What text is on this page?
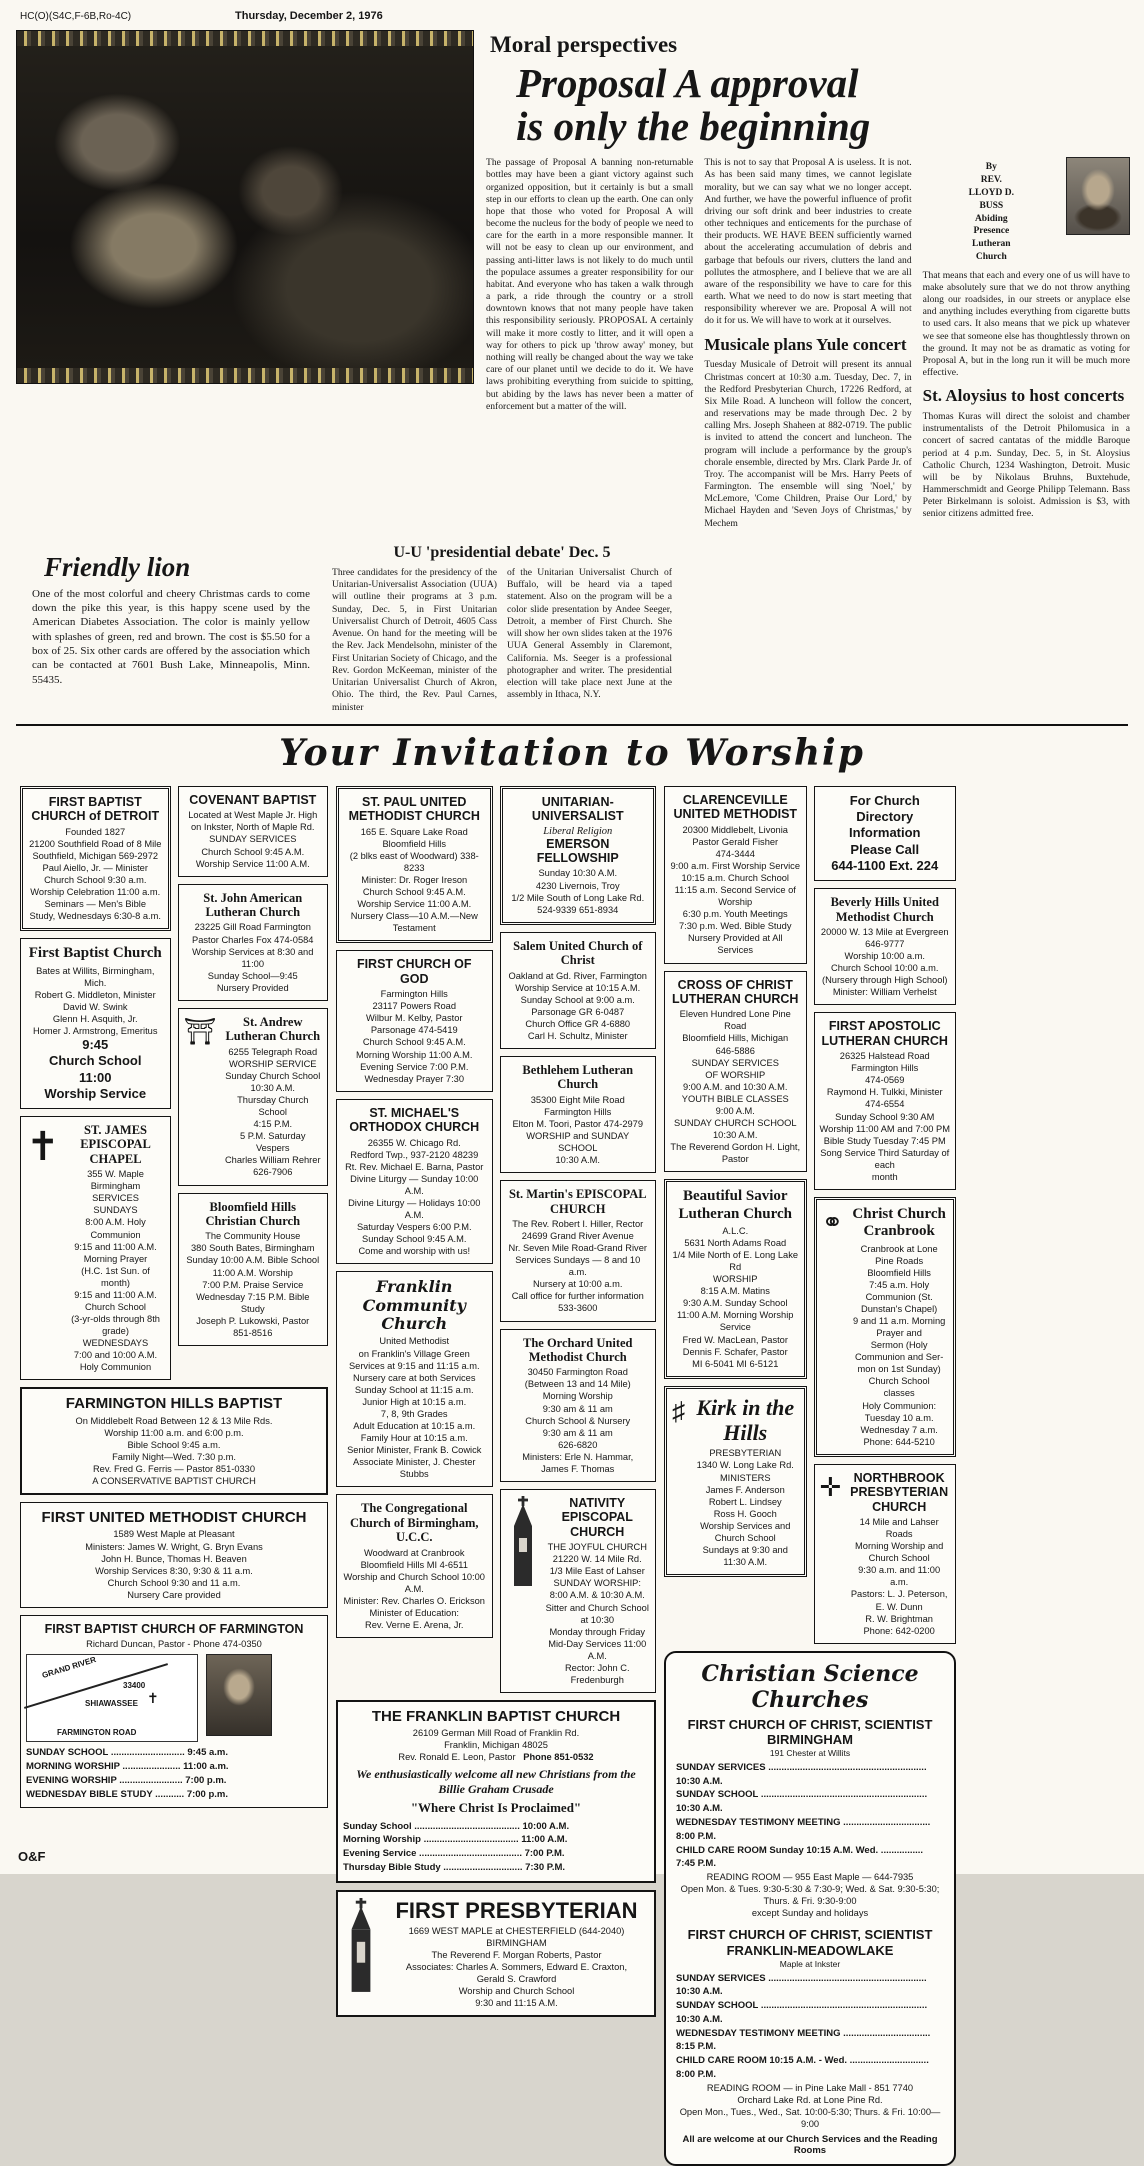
HC(O)(S4C,F-6B,Ro-4C)	Thursday, December 2, 1976
Moral perspectives
Proposal A approval
is only the beginning

The passage of Proposal A banning non-returnable bottles may have been a giant victory against such organized opposition, but it certainly is but a small step in our efforts to clean up the earth. One can only hope that those who voted for Proposal A will become the nucleus for the body of people we need to care for the earth in a more responsible manner. It will not be easy to clean up our environment, and passing anti-litter laws is not likely to do much until the populace assumes a greater responsibility for our habitat. And everyone who has taken a walk through a park, a ride through the country or a stroll downtown knows that not many people have taken this responsibility seriously. PROPOSAL A certainly will make it more costly to litter, and it will open a way for others to pick up 'throw away' money, but nothing will really be changed about the way we take care of our planet until we decide to do it. We have laws prohibiting everything from suicide to spitting, but abiding by the laws has never been a matter of enforcement but a matter of the will.

This is not to say that Proposal A is useless. It is not. As has been said many times, we cannot legislate morality, but we can say what we no longer accept. And further, we have the powerful influence of profit driving our soft drink and beer industries to create other techniques and enticements for the purchase of their products. WE HAVE BEEN sufficiently warned about the accelerating accumulation of debris and garbage that befouls our rivers, clutters the land and pollutes the atmosphere, and I believe that we are all aware of the responsibility we have to care for this earth. What we need to do now is start meeting that responsibility wherever we are. Proposal A will not do it for us. We will have to work at it ourselves.

Musicale plans Yule concert

Tuesday Musicale of Detroit will present its annual Christmas concert at 10:30 a.m. Tuesday, Dec. 7, in the Redford Presbyterian Church, 17226 Redford, at Six Mile Road. A luncheon will follow the concert, and reservations may be made through Dec. 2 by calling Mrs. Joseph Shaheen at 882-0719. The public is invited to attend the concert and luncheon. The program will include a performance by the group's chorale ensemble, directed by Mrs. Clark Parde Jr. of Troy. The accompanist will be Mrs. Harry Peets of Farmington. The ensemble will sing 'Noel,' by McLemore, 'Come Children, Praise Our Lord,' by Michael Hayden and 'Seven Joys of Christmas,' by Mechem

By
REV.
LLOYD D.
BUSS
Abiding
Presence
Lutheran
Church

That means that each and every one of us will have to make absolutely sure that we do not throw anything along our roadsides, in our streets or anyplace else and anything includes everything from cigarette butts to used cars. It also means that we pick up whatever we see that someone else has thoughtlessly thrown on the ground. It may not be as dramatic as voting for Proposal A, but in the long run it will be much more effective.

St. Aloysius to host concerts

Thomas Kuras will direct the soloist and chamber instrumentalists of the Detroit Philomusica in a concert of sacred cantatas of the middle Baroque period at 4 p.m. Sunday, Dec. 5, in St. Aloysius Catholic Church, 1234 Washington, Detroit. Music will be by Nikolaus Bruhns, Buxtehude, Hammerschmidt and George Philipp Telemann. Bass Peter Birkelmann is soloist. Admission is $3, with senior citizens admitted free.

Friendly lion

One of the most colorful and cheery Christmas cards to come down the pike this year, is this happy scene used by the American Diabetes Association. The color is mainly yellow with splashes of green, red and brown. The cost is $5.50 for a box of 25. Six other cards are offered by the association which can be contacted at 7601 Bush Lake, Minneapolis, Minn. 55435.

U-U 'presidential debate' Dec. 5

Three candidates for the presidency of the Unitarian-Universalist Association (UUA) will outline their programs at 3 p.m. Sunday, Dec. 5, in First Unitarian Universalist Church of Detroit, 4605 Cass Avenue. On hand for the meeting will be the Rev. Jack Mendelsohn, minister of the First Unitarian Society of Chicago, and the Rev. Gordon McKeeman, minister of the Unitarian Universalist Church of Akron, Ohio. The third, the Rev. Paul Carnes, minister

of the Unitarian Universalist Church of Buffalo, will be heard via a taped statement. Also on the program will be a color slide presentation by Andee Seeger, Detroit, a member of First Church. She will show her own slides taken at the 1976 UUA General Assembly in Claremont, California. Ms. Seeger is a professional photographer and writer. The presidential election will take place next June at the assembly in Ithaca, N.Y.

Your Invitation to Worship
FIRST BAPTIST CHURCH of DETROIT
Founded 1827
21200 Southfield Road of 8 Mile
Southfield, Michigan 569-2972
Paul Aiello, Jr. — Minister
Church School 9:30 a.m.
Worship Celebration 11:00 a.m.
Seminars — Men's Bible
Study, Wednesdays 6:30-8 a.m.
First Baptist Church
Bates at Willits, Birmingham, Mich.
Robert G. Middleton, Minister
David W. Swink
Glenn H. Asquith, Jr.
Homer J. Armstrong, Emeritus
9:45
Church School
11:00
Worship Service
✝	ST. JAMES EPISCOPAL CHAPEL
355 W. Maple
Birmingham
SERVICES
SUNDAYS
8:00 A.M. Holy Communion
9:15 and 11:00 A.M. Morning Prayer
(H.C. 1st Sun. of month)
9:15 and 11:00 A.M. Church School
(3-yr-olds through 8th grade)
WEDNESDAYS
7:00 and 10:00 A.M. Holy Communion
COVENANT BAPTIST
Located at West Maple Jr. High
on Inkster, North of Maple Rd.
SUNDAY SERVICES
Church School 9:45 A.M.
Worship Service 11:00 A.M.
St. John American Lutheran Church
23225 Gill Road Farmington
Pastor Charles Fox 474-0584
Worship Services at 8:30 and 11:00
Sunday School—9:45
Nursery Provided
⛩	St. Andrew Lutheran Church
6255 Telegraph Road
WORSHIP SERVICE
Sunday Church School
10:30 A.M.
Thursday Church School
4:15 P.M.
5 P.M. Saturday Vespers
Charles William Rehrer 626-7906
Bloomfield Hills Christian Church
The Community House
380 South Bates, Birmingham
Sunday 10:00 A.M. Bible School
11:00 A.M. Worship
7:00 P.M. Praise Service
Wednesday 7:15 P.M. Bible Study
Joseph P. Lukowski, Pastor
851-8516
FARMINGTON HILLS BAPTIST
On Middlebelt Road Between 12 & 13 Mile Rds.
Worship 11:00 a.m. and 6:00 p.m.
Bible School 9:45 a.m.
Family Night—Wed. 7:30 p.m.
Rev. Fred G. Ferris — Pastor 851-0330
A CONSERVATIVE BAPTIST CHURCH
FIRST UNITED METHODIST CHURCH
1589 West Maple at Pleasant
Ministers: James W. Wright, G. Bryn Evans
John H. Bunce, Thomas H. Beaven
Worship Services 8:30, 9:30 & 11 a.m.
Church School 9:30 and 11 a.m.
Nursery Care provided
FIRST BAPTIST CHURCH OF FARMINGTON
Richard Duncan, Pastor - Phone 474-0350
GRAND RIVER
SHIAWASSEE
FARMINGTON ROAD
33400
✝
SUNDAY SCHOOL ............................ 9:45 a.m.
MORNING WORSHIP ...................... 11:00 a.m.
EVENING WORSHIP ........................ 7:00 p.m.
WEDNESDAY BIBLE STUDY ........... 7:00 p.m.
ST. PAUL UNITED METHODIST CHURCH
165 E. Square Lake Road
Bloomfield Hills
(2 blks east of Woodward) 338-8233
Minister: Dr. Roger Ireson
Church School 9:45 A.M.
Worship Service 11:00 A.M.
Nursery Class—10 A.M.—New Testament
FIRST CHURCH OF GOD
Farmington Hills
23117 Powers Road
Wilbur M. Kelby, Pastor
Parsonage 474-5419
Church School 9:45 A.M.
Morning Worship 11:00 A.M.
Evening Service 7:00 P.M.
Wednesday Prayer 7:30
ST. MICHAEL'S ORTHODOX CHURCH
26355 W. Chicago Rd.
Redford Twp., 937-2120 48239
Rt. Rev. Michael E. Barna, Pastor
Divine Liturgy — Sunday 10:00 A.M.
Divine Liturgy — Holidays 10:00 A.M.
Saturday Vespers 6:00 P.M.
Sunday School 9:45 A.M.
Come and worship with us!
Franklin Community Church
United Methodist
on Franklin's Village Green
Services at 9:15 and 11:15 a.m.
Nursery care at both Services
Sunday School at 11:15 a.m.
Junior High at 10:15 a.m.
7, 8, 9th Grades
Adult Education at 10:15 a.m.
Family Hour at 10:15 a.m.
Senior Minister, Frank B. Cowick
Associate Minister, J. Chester Stubbs
The Congregational Church of Birmingham, U.C.C.
Woodward at Cranbrook
Bloomfield Hills MI 4-6511
Worship and Church School 10:00 A.M.
Minister: Rev. Charles O. Erickson
Minister of Education:
Rev. Verne E. Arena, Jr.
UNITARIAN-UNIVERSALIST
Liberal Religion
EMERSON FELLOWSHIP
Sunday 10:30 A.M.
4230 Livernois, Troy
1/2 Mile South of Long Lake Rd.
524-9339 651-8934
Salem United Church of Christ
Oakland at Gd. River, Farmington
Worship Service at 10:15 A.M.
Sunday School at 9:00 a.m.
Parsonage GR 6-0487
Church Office GR 4-6880
Carl H. Schultz, Minister
Bethlehem Lutheran Church
35300 Eight Mile Road
Farmington Hills
Elton M. Toori, Pastor 474-2979
WORSHIP and SUNDAY SCHOOL
10:30 A.M.
St. Martin's EPISCOPAL CHURCH
The Rev. Robert I. Hiller, Rector
24699 Grand River Avenue
Nr. Seven Mile Road-Grand River
Services Sundays — 8 and 10 a.m.
Nursery at 10:00 a.m.
Call office for further information 533-3600
The Orchard United Methodist Church
30450 Farmington Road
(Between 13 and 14 Mile)
Morning Worship
9:30 am & 11 am
Church School & Nursery
9:30 am & 11 am
626-6820
Ministers: Erle N. Hammar,
James F. Thomas
NATIVITY EPISCOPAL CHURCH
THE JOYFUL CHURCH
21220 W. 14 Mile Rd.
1/3 Mile East of Lahser
SUNDAY WORSHIP:
8:00 A.M. & 10:30 A.M.
Sitter and Church School at 10:30
Monday through Friday
Mid-Day Services 11:00 A.M.
Rector: John C. Fredenburgh
THE FRANKLIN BAPTIST CHURCH
26109 German Mill Road of Franklin Rd.
Franklin, Michigan 48025
Rev. Ronald E. Leon, Pastor Phone 851-0532
We enthusiastically welcome all new Christians from the Billie Graham Crusade
"Where Christ Is Proclaimed"
Sunday School ........................................ 10:00 A.M.
Morning Worship .................................... 11:00 A.M.
Evening Service ....................................... 7:00 P.M.
Thursday Bible Study .............................. 7:30 P.M.
FIRST PRESBYTERIAN
1669 WEST MAPLE at CHESTERFIELD (644-2040)
BIRMINGHAM
The Reverend F. Morgan Roberts, Pastor
Associates: Charles A. Sommers, Edward E. Craxton,
Gerald S. Crawford
Worship and Church School
9:30 and 11:15 A.M.
CLARENCEVILLE UNITED METHODIST
20300 Middlebelt, Livonia
Pastor Gerald Fisher
474-3444
9:00 a.m. First Worship Service
10:15 a.m. Church School
11:15 a.m. Second Service of Worship
6:30 p.m. Youth Meetings
7:30 p.m. Wed. Bible Study
Nursery Provided at All Services
CROSS OF CHRIST LUTHERAN CHURCH
Eleven Hundred Lone Pine Road
Bloomfield Hills, Michigan
646-5886
SUNDAY SERVICES
OF WORSHIP
9:00 A.M. and 10:30 A.M.
YOUTH BIBLE CLASSES
9:00 A.M.
SUNDAY CHURCH SCHOOL
10:30 A.M.
The Reverend Gordon H. Light, Pastor
Beautiful Savior Lutheran Church
A.L.C.
5631 North Adams Road
1/4 Mile North of E. Long Lake Rd
WORSHIP
8:15 A.M. Matins
9:30 A.M. Sunday School
11:00 A.M. Morning Worship
Service
Fred W. MacLean, Pastor
Dennis F. Schafer, Pastor
MI 6-5041 MI 6-5121
♯ Kirk in the Hills
PRESBYTERIAN
1340 W. Long Lake Rd.
MINISTERS
James F. Anderson
Robert L. Lindsey
Ross H. Gooch
Worship Services and Church School
Sundays at 9:30 and 11:30 A.M.
For Church Directory
Information
Please Call
644-1100 Ext. 224
Beverly Hills United Methodist Church
20000 W. 13 Mile at Evergreen 646-9777
Worship 10:00 a.m.
Church School 10:00 a.m.
(Nursery through High School)
Minister: William Verhelst
FIRST APOSTOLIC LUTHERAN CHURCH
26325 Halstead Road Farmington Hills
474-0569
Raymond H. Tulkki, Minister 474-6554
Sunday School 9:30 AM
Worship 11:00 AM and 7:00 PM
Bible Study Tuesday 7:45 PM
Song Service Third Saturday of each
month
⚭ Christ Church Cranbrook
Cranbrook at Lone Pine Roads
Bloomfield Hills
7:45 a.m. Holy Communion (St.
Dunstan's Chapel)
9 and 11 a.m. Morning Prayer and
Sermon (Holy Communion and Ser-
mon on 1st Sunday) Church School
classes
Holy Communion: Tuesday 10 a.m.
Wednesday 7 a.m.
Phone: 644-5210
✛ NORTHBROOK PRESBYTERIAN CHURCH
14 Mile and Lahser Roads
Morning Worship and Church School
9:30 a.m. and 11:00 a.m.
Pastors: L. J. Peterson, E. W. Dunn
R. W. Brightman
Phone: 642-0200
Christian Science Churches
FIRST CHURCH OF CHRIST, SCIENTIST BIRMINGHAM
191 Chester at Willits
SUNDAY SERVICES ............................................................ 10:30 A.M.
SUNDAY SCHOOL ............................................................... 10:30 A.M.
WEDNESDAY TESTIMONY MEETING ................................. 8:00 P.M.
CHILD CARE ROOM Sunday 10:15 A.M. Wed. ................ 7:45 P.M.
READING ROOM — 955 East Maple — 644-7935
Open Mon. & Tues. 9:30-5:30 & 7:30-9; Wed. & Sat. 9:30-5:30;
Thurs. & Fri. 9:30-9:00
except Sunday and holidays
FIRST CHURCH OF CHRIST, SCIENTIST FRANKLIN-MEADOWLAKE
Maple at Inkster
SUNDAY SERVICES ............................................................ 10:30 A.M.
SUNDAY SCHOOL ............................................................... 10:30 A.M.
WEDNESDAY TESTIMONY MEETING ................................. 8:15 P.M.
CHILD CARE ROOM 10:15 A.M. - Wed. .............................. 8:00 P.M.
READING ROOM — in Pine Lake Mall - 851 7740
Orchard Lake Rd. at Lone Pine Rd.
Open Mon., Tues., Wed., Sat. 10:00-5:30; Thurs. & Fri. 10:00—9:00
All are welcome at our Church Services and the Reading Rooms
O&F
